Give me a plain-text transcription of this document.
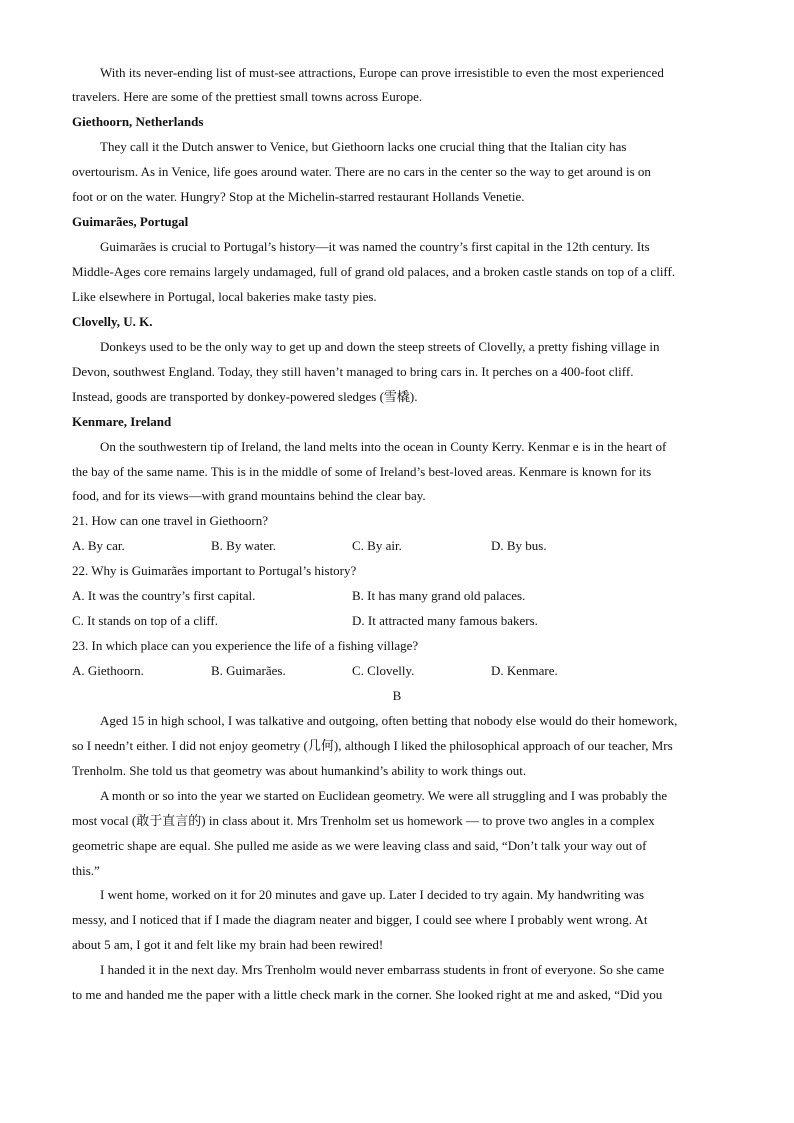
With its never-ending list of must-see attractions, Europe can prove irresistible to even the most experienced
travelers. Here are some of the prettiest small towns across Europe.
Giethoorn, Netherlands
They call it the Dutch answer to Venice, but Giethoorn lacks one crucial thing that the Italian city has
overtourism. As in Venice, life goes around water. There are no cars in the center so the way to get around is on
foot or on the water. Hungry? Stop at the Michelin-starred restaurant Hollands Venetie.
Guimarães, Portugal
Guimarães is crucial to Portugal’s history—it was named the country’s first capital in the 12th century. Its
Middle-Ages core remains largely undamaged, full of grand old palaces, and a broken castle stands on top of a cliff.
Like elsewhere in Portugal, local bakeries make tasty pies.
Clovelly, U. K.
Donkeys used to be the only way to get up and down the steep streets of Clovelly, a pretty fishing village in
Devon, southwest England. Today, they still haven’t managed to bring cars in. It perches on a 400-foot cliff.
Instead, goods are transported by donkey-powered sledges (雪橇).
Kenmare, Ireland
On the southwestern tip of Ireland, the land melts into the ocean in County Kerry. Kenmar e is in the heart of
the bay of the same name. This is in the middle of some of Ireland’s best-loved areas. Kenmare is known for its
food, and for its views—with grand mountains behind the clear bay.
21. How can one travel in Giethoorn?
A. By car.	B. By water.	C. By air.	D. By bus.
22. Why is Guimarães important to Portugal’s history?
A. It was the country’s first capital.	B. It has many grand old palaces.
C. It stands on top of a cliff.	D. It attracted many famous bakers.
23. In which place can you experience the life of a fishing village?
A. Giethoorn.	B. Guimarães.	C. Clovelly.	D. Kenmare.
B
Aged 15 in high school, I was talkative and outgoing, often betting that nobody else would do their homework,
so I needn’t either. I did not enjoy geometry (几何), although I liked the philosophical approach of our teacher, Mrs
Trenholm. She told us that geometry was about humankind’s ability to work things out.
A month or so into the year we started on Euclidean geometry. We were all struggling and I was probably the
most vocal (敢于直言的) in class about it. Mrs Trenholm set us homework — to prove two angles in a complex
geometric shape are equal. She pulled me aside as we were leaving class and said, “Don’t talk your way out of
this.”
I went home, worked on it for 20 minutes and gave up. Later I decided to try again. My handwriting was
messy, and I noticed that if I made the diagram neater and bigger, I could see where I probably went wrong. At
about 5 am, I got it and felt like my brain had been rewired!
I handed it in the next day. Mrs Trenholm would never embarrass students in front of everyone. So she came
to me and handed me the paper with a little check mark in the corner. She looked right at me and asked, “Did you
